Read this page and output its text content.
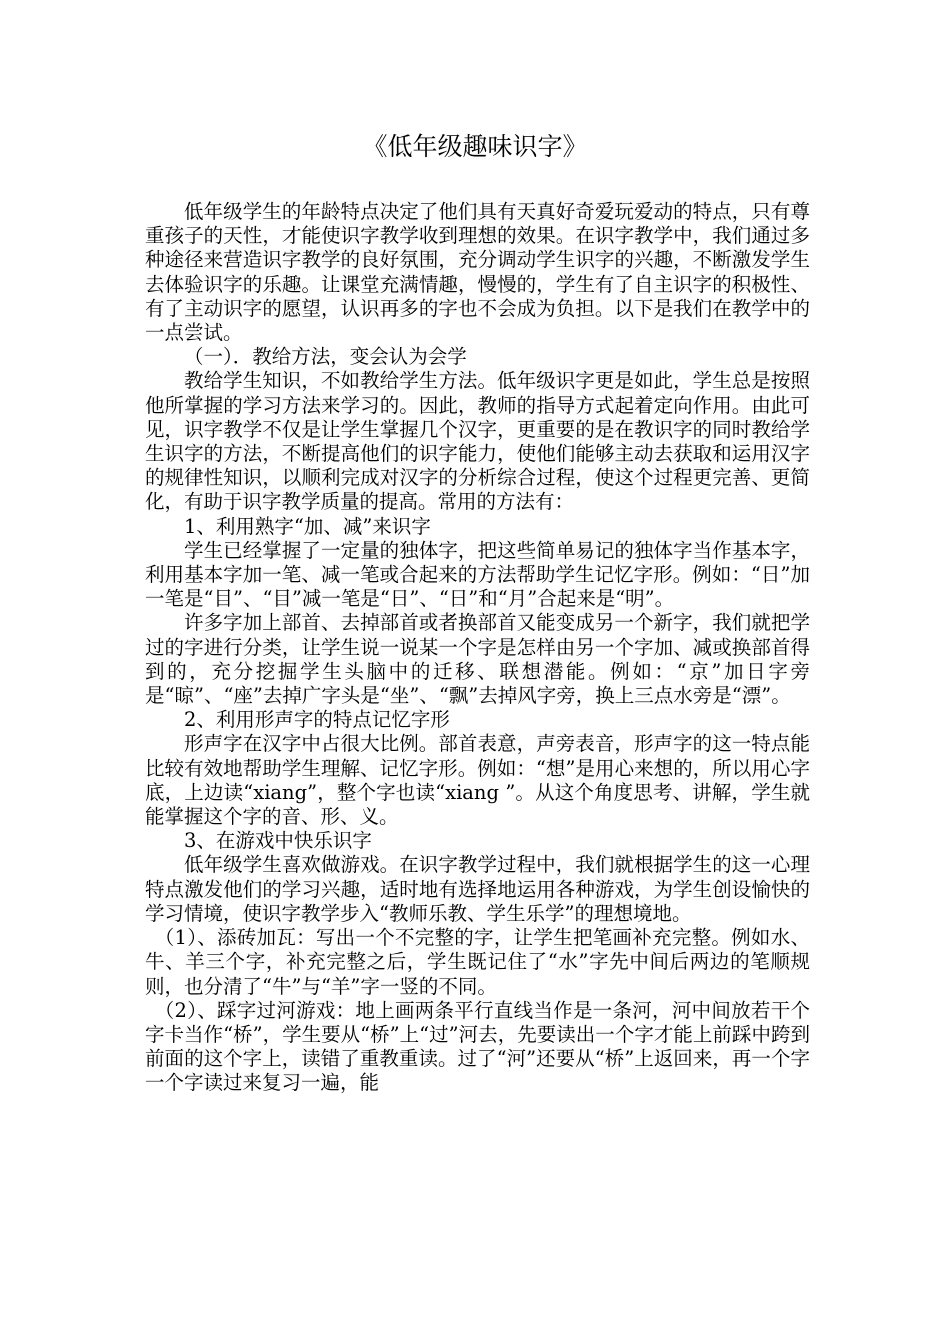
《低年级趣味识字》

低年级学生的年龄特点决定了他们具有天真好奇爱玩爱动的特点，只有尊重孩子的天性，才能使识字教学收到理想的效果。在识字教学中，我们通过多种途径来营造识字教学的良好氛围，充分调动学生识字的兴趣，不断激发学生去体验识字的乐趣。让课堂充满情趣，慢慢的，学生有了自主识字的积极性、有了主动识字的愿望，认识再多的字也不会成为负担。以下是我们在教学中的一点尝试。

（一）．教给方法，变会认为会学

教给学生知识，不如教给学生方法。低年级识字更是如此，学生总是按照他所掌握的学习方法来学习的。因此，教师的指导方式起着定向作用。由此可见，识字教学不仅是让学生掌握几个汉字，更重要的是在教识字的同时教给学生识字的方法，不断提高他们的识字能力，使他们能够主动去获取和运用汉字的规律性知识，以顺利完成对汉字的分析综合过程，使这个过程更完善、更简化，有助于识字教学质量的提高。常用的方法有：

1、利用熟字“加、减”来识字

学生已经掌握了一定量的独体字，把这些简单易记的独体字当作基本字，利用基本字加一笔、减一笔或合起来的方法帮助学生记忆字形。例如：“日”加一笔是“目”、“目”减一笔是“日”、“日”和“月”合起来是“明”。

许多字加上部首、去掉部首或者换部首又能变成另一个新字，我们就把学过的字进行分类，让学生说一说某一个字是怎样由另一个字加、减或换部首得到的，充分挖掘学生头脑中的迁移、联想潜能。例如：“京”加日字旁是“晾”、“座”去掉广字头是“坐”、“飘”去掉风字旁，换上三点水旁是“漂”。

2、利用形声字的特点记忆字形

形声字在汉字中占很大比例。部首表意，声旁表音，形声字的这一特点能比较有效地帮助学生理解、记忆字形。例如：“想”是用心来想的，所以用心字底，上边读“xiang”，整个字也读“xiang ”。从这个角度思考、讲解，学生就能掌握这个字的音、形、义。

3、在游戏中快乐识字

低年级学生喜欢做游戏。在识字教学过程中，我们就根据学生的这一心理特点激发他们的学习兴趣，适时地有选择地运用各种游戏，为学生创设愉快的学习情境，使识字教学步入“教师乐教、学生乐学”的理想境地。

（1）、添砖加瓦：写出一个不完整的字，让学生把笔画补充完整。例如水、牛、羊三个字，补充完整之后，学生既记住了“水”字先中间后两边的笔顺规则，也分清了“牛”与“羊”字一竖的不同。

（2）、踩字过河游戏：地上画两条平行直线当作是一条河，河中间放若干个字卡当作“桥”，学生要从“桥”上“过”河去，先要读出一个字才能上前踩中跨到前面的这个字上，读错了重教重读。过了“河”还要从“桥”上返回来，再一个字一个字读过来复习一遍，能
